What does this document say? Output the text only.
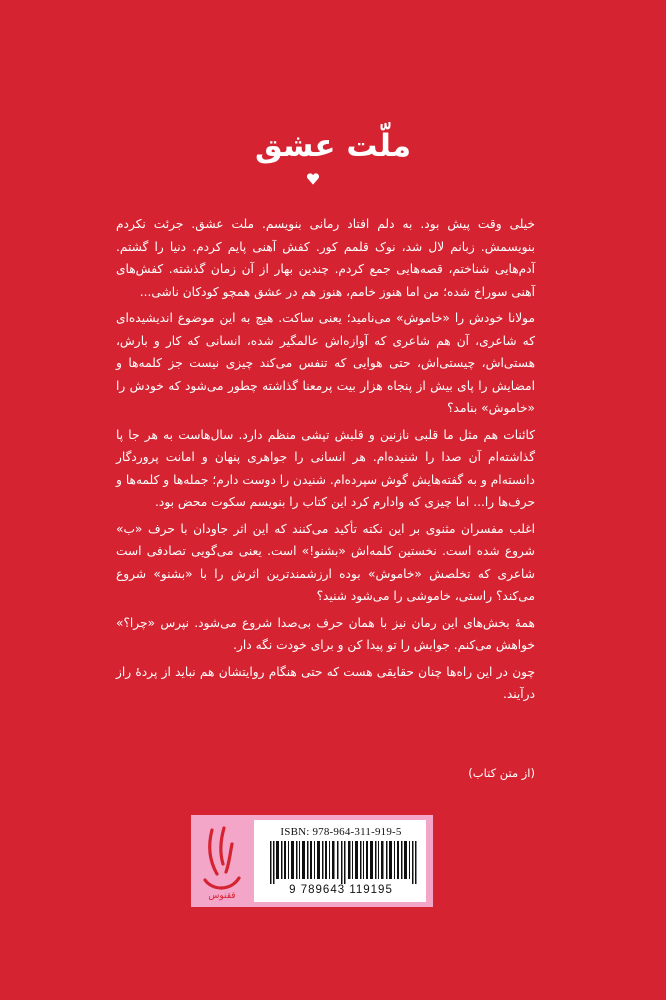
ملّت عشق

خیلی وقت پیش بود. به دلم افتاد رمانی بنویسم. ملت عشق. جرئت نکردم بنویسمش. زبانم لال شد، نوک قلمم کور. کفش آهنی پایم کردم. دنیا را گشتم. آدم‌هایی شناختم، قصه‌هایی جمع کردم. چندین بهار از آن زمان گذشته. کفش‌های آهنی سوراخ شده؛ من اما هنوز خامم، هنوز هم در عشق همچو کودکان ناشی...

مولانا خودش را «خاموش» می‌نامید؛ یعنی ساکت. هیچ به این موضوع اندیشیده‌ای که شاعری، آن هم شاعری که آوازه‌اش عالمگیر شده، انسانی که کار و بارش، هستی‌اش، چیستی‌اش، حتی هوایی که تنفس می‌کند چیزی نیست جز کلمه‌ها و امضایش را پای بیش از پنجاه هزار بیت پرمعنا گذاشته چطور می‌شود که خودش را «خاموش» بنامد؟

کائنات هم مثل ما قلبی نازنین و قلبش تپشی منظم دارد. سال‌هاست به هر جا پا گذاشته‌ام آن صدا را شنیده‌ام. هر انسانی را جواهری پنهان و امانت پروردگار دانسته‌ام و به گفته‌هایش گوش سپرده‌ام. شنیدن را دوست دارم؛ جمله‌ها و کلمه‌ها و حرف‌ها را... اما چیزی که وادارم کرد این کتاب را بنویسم سکوت محض بود.

اغلب مفسران مثنوی بر این نکته تأکید می‌کنند که این اثر جاودان با حرف «ب» شروع شده است. نخستین کلمه‌اش «بشنو!» است. یعنی می‌گویی تصادفی است شاعری که تخلصش «خاموش» بوده ارزشمندترین اثرش را با «بشنو» شروع می‌کند؟ راستی، خاموشی را می‌شود شنید؟

همهٔ بخش‌های این رمان نیز با همان حرف بی‌صدا شروع می‌شود. نپرس «چرا؟» خواهش می‌کنم. جوابش را تو پیدا کن و برای خودت نگه دار.

چون در این راه‌ها چنان حقایقی هست که حتی هنگام روایتشان هم نباید از پردهٔ راز درآیند.

(از متن کتاب)
ققنوس
ISBN: 978-964-311-919-5
9 789643 119195
